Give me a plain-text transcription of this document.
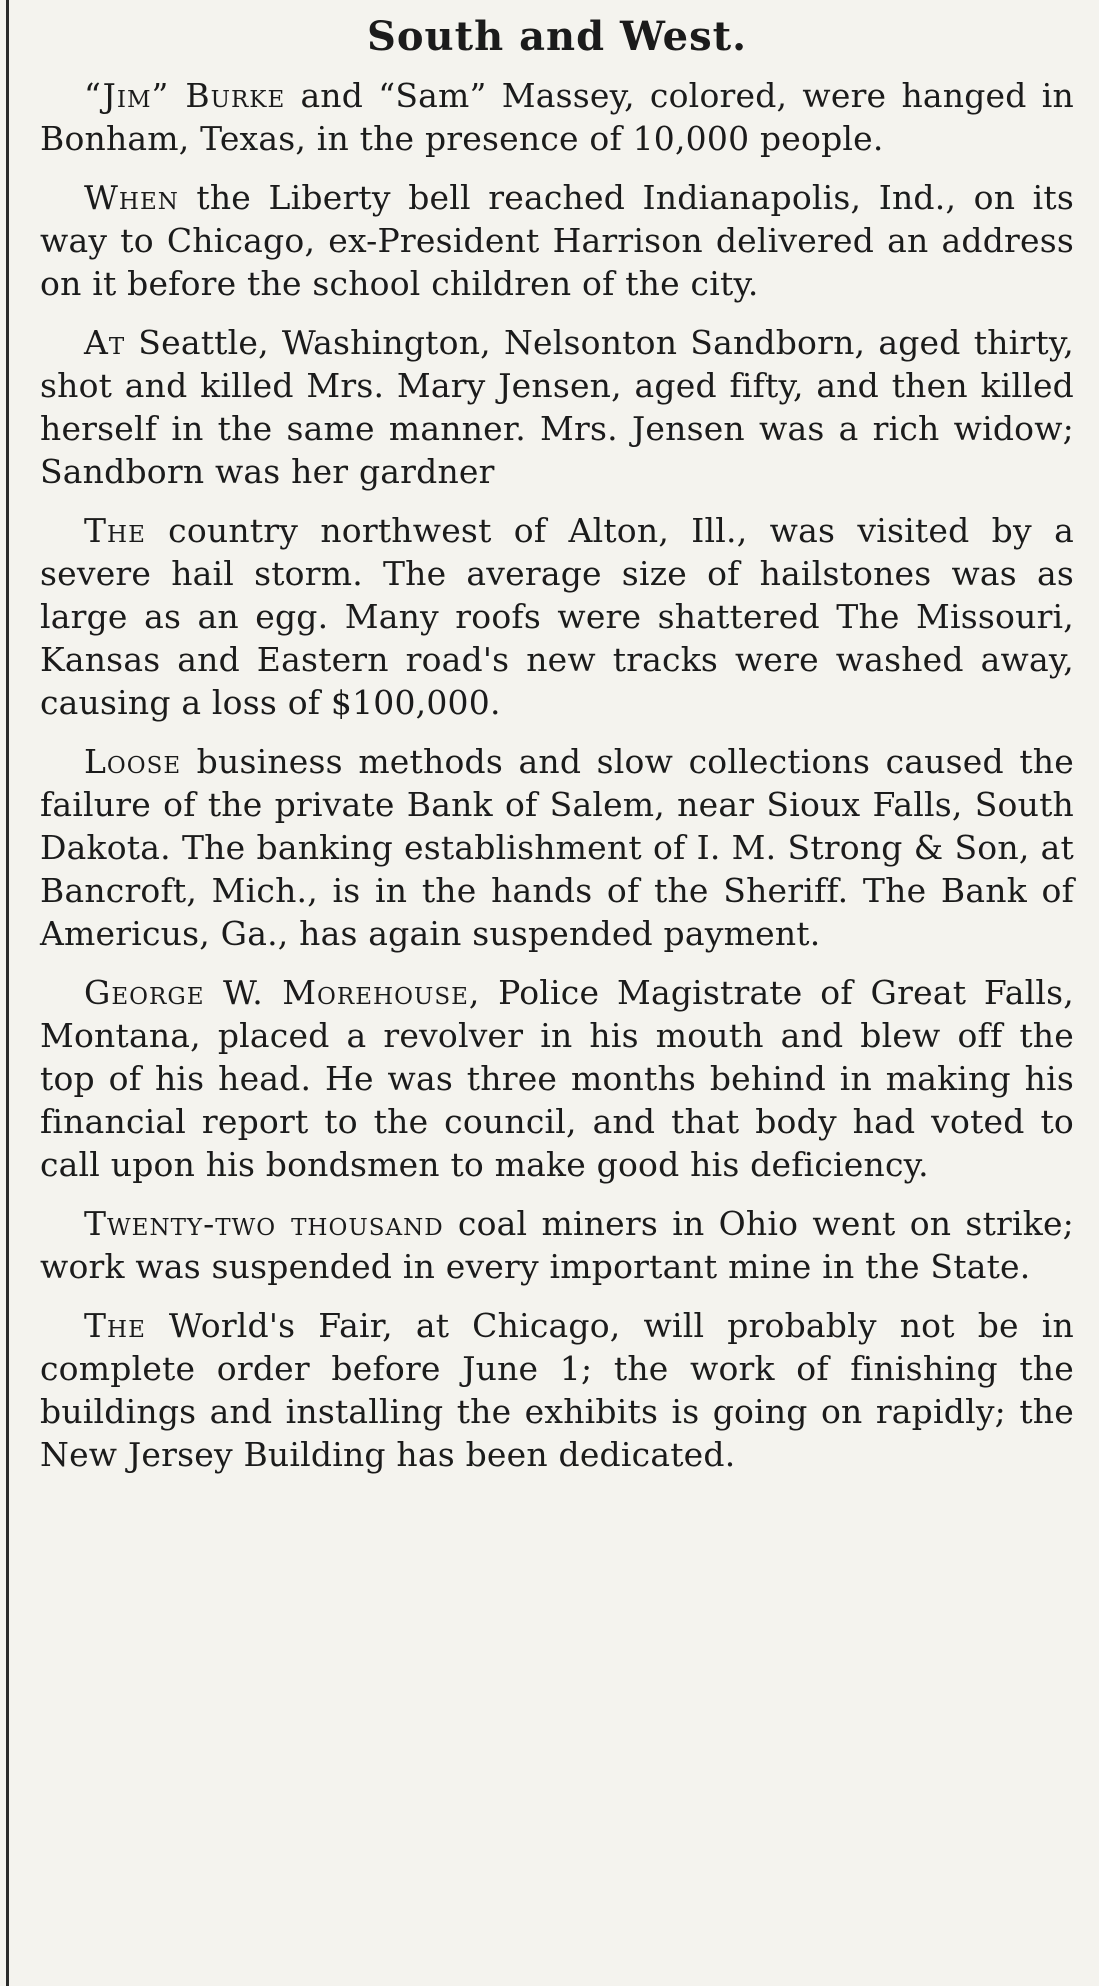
South and West.

“Jim” Burke and “Sam” Massey, colored, were hanged in Bonham, Texas, in the presence of 10,000 people.

When the Liberty bell reached Indianapolis, Ind., on its way to Chicago, ex-President Harrison delivered an address on it before the school children of the city.

At Seattle, Washington, Nelsonton Sandborn, aged thirty, shot and killed Mrs. Mary Jensen, aged fifty, and then killed herself in the same manner. Mrs. Jensen was a rich widow; Sandborn was her gardner

The country northwest of Alton, Ill., was visited by a severe hail storm. The average size of hailstones was as large as an egg. Many roofs were shattered The Missouri, Kansas and Eastern road's new tracks were washed away, causing a loss of $100,000.

Loose business methods and slow collections caused the failure of the private Bank of Salem, near Sioux Falls, South Dakota. The banking establishment of I. M. Strong & Son, at Bancroft, Mich., is in the hands of the Sheriff. The Bank of Americus, Ga., has again suspended payment.

George W. Morehouse, Police Magistrate of Great Falls, Montana, placed a revolver in his mouth and blew off the top of his head. He was three months behind in making his financial report to the council, and that body had voted to call upon his bondsmen to make good his deficiency.

Twenty-two thousand coal miners in Ohio went on strike; work was suspended in every important mine in the State.

The World's Fair, at Chicago, will probably not be in complete order before June 1; the work of finishing the buildings and installing the exhibits is going on rapidly; the New Jersey Building has been dedicated.
